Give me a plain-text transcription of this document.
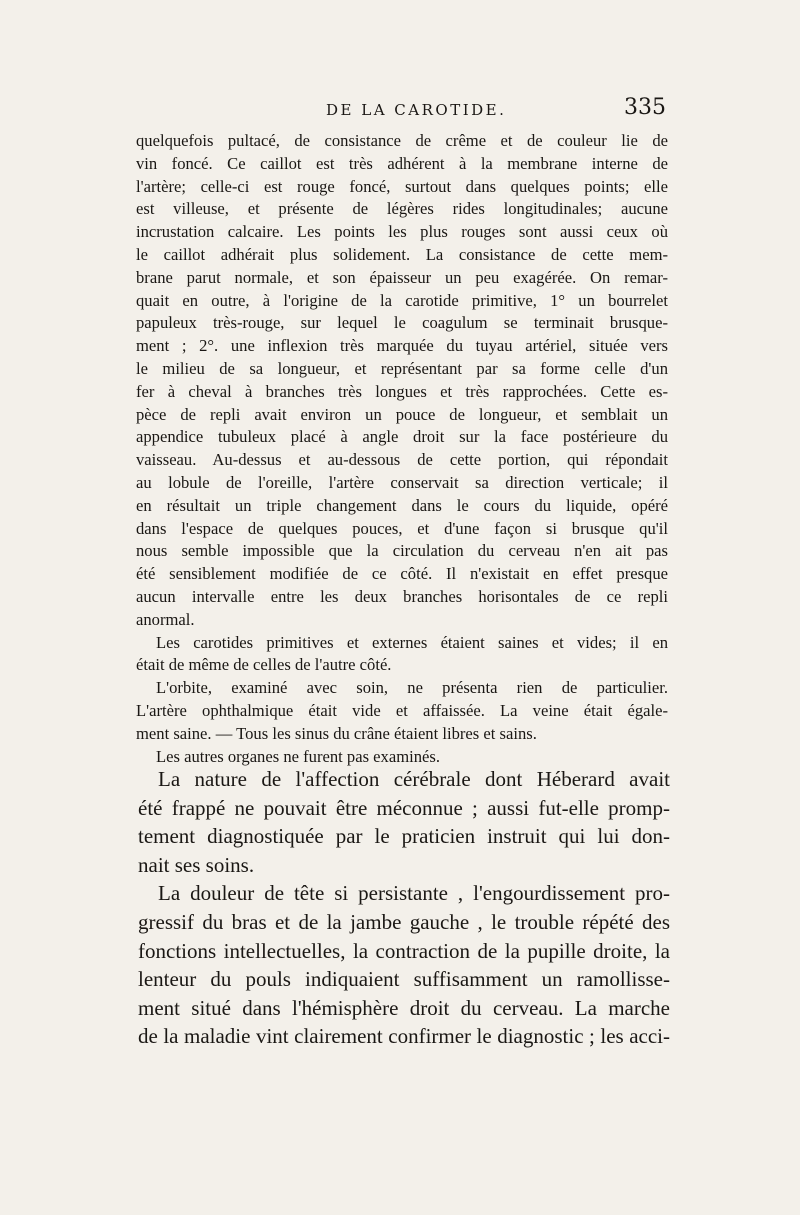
DE LA CAROTIDE.	335
quelquefois pultacé, de consistance de crême et de couleur lie de
vin foncé. Ce caillot est très adhérent à la membrane interne de
l'artère; celle-ci est rouge foncé, surtout dans quelques points; elle
est villeuse, et présente de légères rides longitudinales; aucune
incrustation calcaire. Les points les plus rouges sont aussi ceux où
le caillot adhérait plus solidement. La consistance de cette mem-
brane parut normale, et son épaisseur un peu exagérée. On remar-
quait en outre, à l'origine de la carotide primitive, 1° un bourrelet
papuleux très-rouge, sur lequel le coagulum se terminait brusque-
ment ; 2°. une inflexion très marquée du tuyau artériel, située vers
le milieu de sa longueur, et représentant par sa forme celle d'un
fer à cheval à branches très longues et très rapprochées. Cette es-
pèce de repli avait environ un pouce de longueur, et semblait un
appendice tubuleux placé à angle droit sur la face postérieure du
vaisseau. Au-dessus et au-dessous de cette portion, qui répondait
au lobule de l'oreille, l'artère conservait sa direction verticale; il
en résultait un triple changement dans le cours du liquide, opéré
dans l'espace de quelques pouces, et d'une façon si brusque qu'il
nous semble impossible que la circulation du cerveau n'en ait pas
été sensiblement modifiée de ce côté. Il n'existait en effet presque
aucun intervalle entre les deux branches horisontales de ce repli
anormal.
Les carotides primitives et externes étaient saines et vides; il en
était de même de celles de l'autre côté.
L'orbite, examiné avec soin, ne présenta rien de particulier.
L'artère ophthalmique était vide et affaissée. La veine était égale-
ment saine. — Tous les sinus du crâne étaient libres et sains.
Les autres organes ne furent pas examinés.
La nature de l'affection cérébrale dont Héberard avait
été frappé ne pouvait être méconnue ; aussi fut-elle promp-
tement diagnostiquée par le praticien instruit qui lui don-
nait ses soins.
La douleur de tête si persistante , l'engourdissement pro-
gressif du bras et de la jambe gauche , le trouble répété des
fonctions intellectuelles, la contraction de la pupille droite, la
lenteur du pouls indiquaient suffisamment un ramollisse-
ment situé dans l'hémisphère droit du cerveau. La marche
de la maladie vint clairement confirmer le diagnostic ; les acci-
